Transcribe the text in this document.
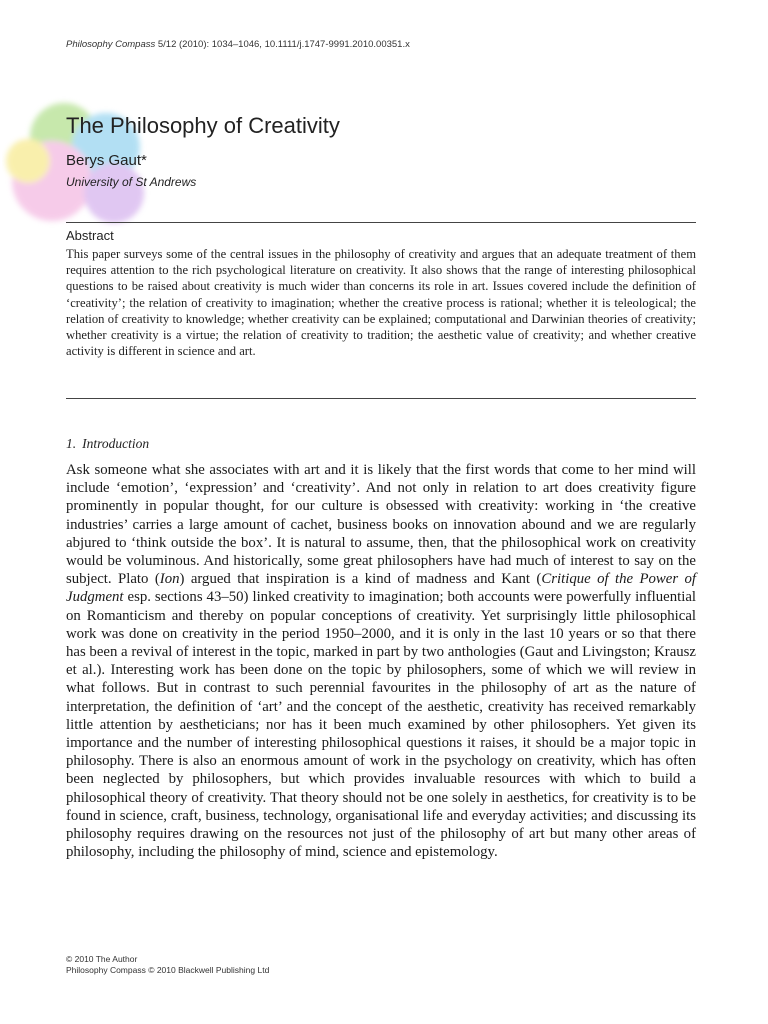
Philosophy Compass 5/12 (2010): 1034–1046, 10.1111/j.1747-9991.2010.00351.x
The Philosophy of Creativity
Berys Gaut*
University of St Andrews
Abstract

This paper surveys some of the central issues in the philosophy of creativity and argues that an adequate treatment of them requires attention to the rich psychological literature on creativity. It also shows that the range of interesting philosophical questions to be raised about creativity is much wider than concerns its role in art. Issues covered include the definition of ‘creativity’; the relation of creativity to imagination; whether the creative process is rational; whether it is teleological; the relation of creativity to knowledge; whether creativity can be explained; computational and Darwinian theories of creativity; whether creativity is a virtue; the relation of creativity to tradition; the aesthetic value of creativity; and whether creative activity is different in science and art.

1. Introduction

Ask someone what she associates with art and it is likely that the first words that come to her mind will include ‘emotion’, ‘expression’ and ‘creativity’. And not only in relation to art does creativity figure prominently in popular thought, for our culture is obsessed with creativity: working in ‘the creative industries’ carries a large amount of cachet, business books on innovation abound and we are regularly abjured to ‘think outside the box’. It is natural to assume, then, that the philosophical work on creativity would be voluminous. And historically, some great philosophers have had much of interest to say on the subject. Plato (Ion) argued that inspiration is a kind of madness and Kant (Critique of the Power of Judgment esp. sections 43–50) linked creativity to imagination; both accounts were powerfully influential on Romanticism and thereby on popular conceptions of creativity. Yet surprisingly little philosophical work was done on creativity in the period 1950–2000, and it is only in the last 10 years or so that there has been a revival of interest in the topic, marked in part by two anthologies (Gaut and Livingston; Krausz et al.). Interesting work has been done on the topic by philosophers, some of which we will review in what follows. But in contrast to such perennial favourites in the philosophy of art as the nature of interpretation, the definition of ‘art’ and the concept of the aesthetic, creativity has received remarkably little attention by aestheticians; nor has it been much examined by other philosophers. Yet given its importance and the number of interesting philosophical questions it raises, it should be a major topic in philosophy. There is also an enormous amount of work in the psychology on creativity, which has often been neglected by philosophers, but which provides invaluable resources with which to build a philosophical theory of creativity. That theory should not be one solely in aesthetics, for creativity is to be found in science, craft, business, technology, organisational life and everyday activities; and discussing its philosophy requires drawing on the resources not just of the philosophy of art but many other areas of philosophy, including the philosophy of mind, science and epistemology.

© 2010 The Author
Philosophy Compass © 2010 Blackwell Publishing Ltd
